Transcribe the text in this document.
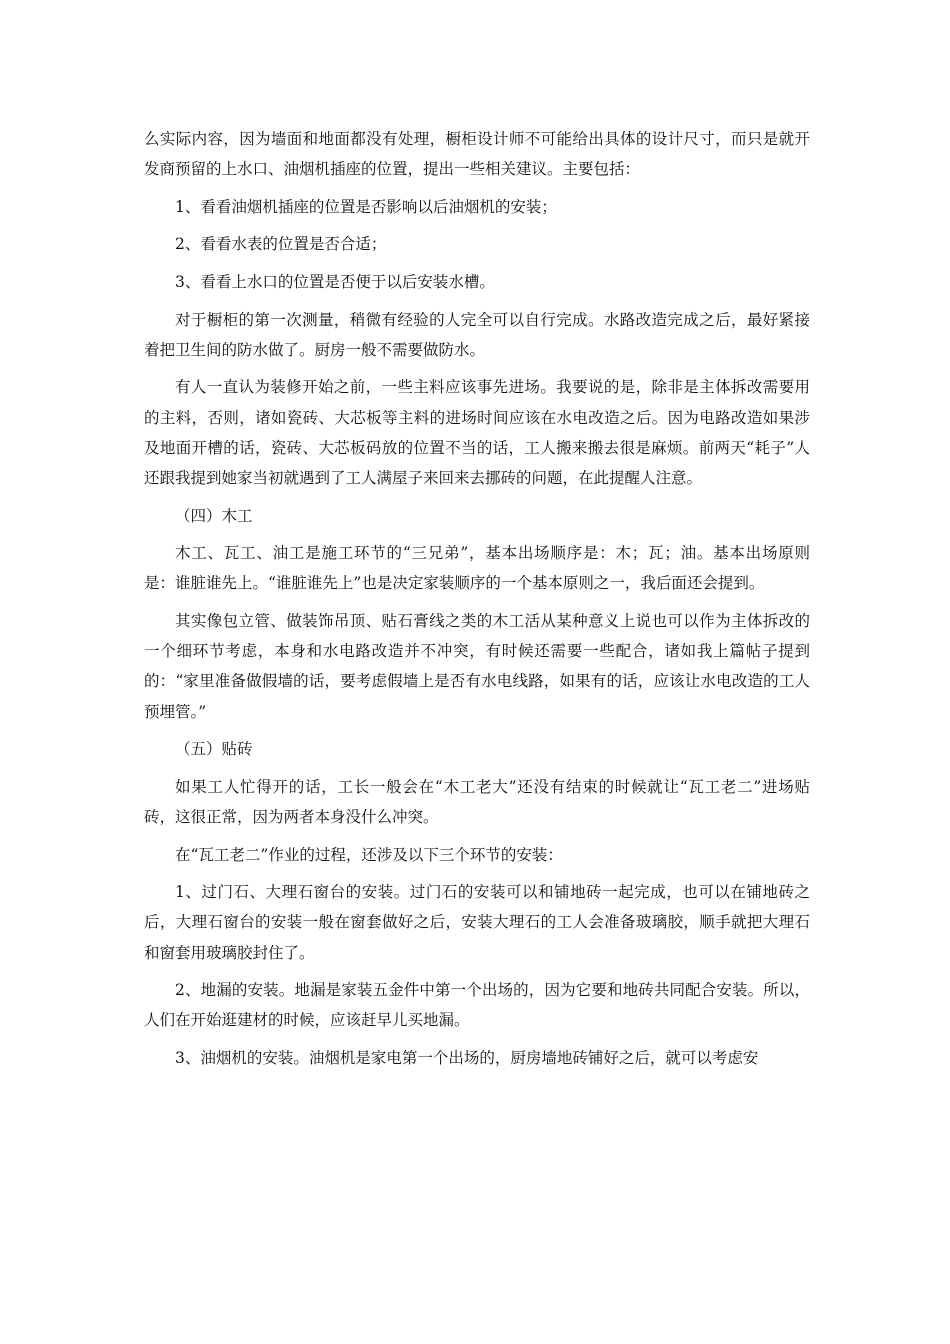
么实际内容，因为墙面和地面都没有处理，橱柜设计师不可能给出具体的设计尺寸，而只是就开发商预留的上水口、油烟机插座的位置，提出一些相关建议。主要包括：

1、看看油烟机插座的位置是否影响以后油烟机的安装；

2、看看水表的位置是否合适；

3、看看上水口的位置是否便于以后安装水槽。

对于橱柜的第一次测量，稍微有经验的人完全可以自行完成。水路改造完成之后，最好紧接着把卫生间的防水做了。厨房一般不需要做防水。

有人一直认为装修开始之前，一些主料应该事先进场。我要说的是，除非是主体拆改需要用的主料，否则，诸如瓷砖、大芯板等主料的进场时间应该在水电改造之后。因为电路改造如果涉及地面开槽的话，瓷砖、大芯板码放的位置不当的话，工人搬来搬去很是麻烦。前两天“耗子”人还跟我提到她家当初就遇到了工人满屋子来回来去挪砖的问题，在此提醒人注意。

（四）木工

木工、瓦工、油工是施工环节的“三兄弟”，基本出场顺序是：木；瓦；油。基本出场原则是：谁脏谁先上。“谁脏谁先上”也是决定家装顺序的一个基本原则之一，我后面还会提到。

其实像包立管、做装饰吊顶、贴石膏线之类的木工活从某种意义上说也可以作为主体拆改的一个细环节考虑，本身和水电路改造并不冲突，有时候还需要一些配合，诸如我上篇帖子提到的：“家里准备做假墙的话，要考虑假墙上是否有水电线路，如果有的话，应该让水电改造的工人预埋管。”

（五）贴砖

如果工人忙得开的话，工长一般会在“木工老大”还没有结束的时候就让“瓦工老二”进场贴砖，这很正常，因为两者本身没什么冲突。

在“瓦工老二”作业的过程，还涉及以下三个环节的安装：

1、过门石、大理石窗台的安装。过门石的安装可以和铺地砖一起完成，也可以在铺地砖之后，大理石窗台的安装一般在窗套做好之后，安装大理石的工人会准备玻璃胶，顺手就把大理石和窗套用玻璃胶封住了。

2、地漏的安装。地漏是家装五金件中第一个出场的，因为它要和地砖共同配合安装。所以，人们在开始逛建材的时候，应该赶早儿买地漏。

3、油烟机的安装。油烟机是家电第一个出场的，厨房墙地砖铺好之后，就可以考虑安
